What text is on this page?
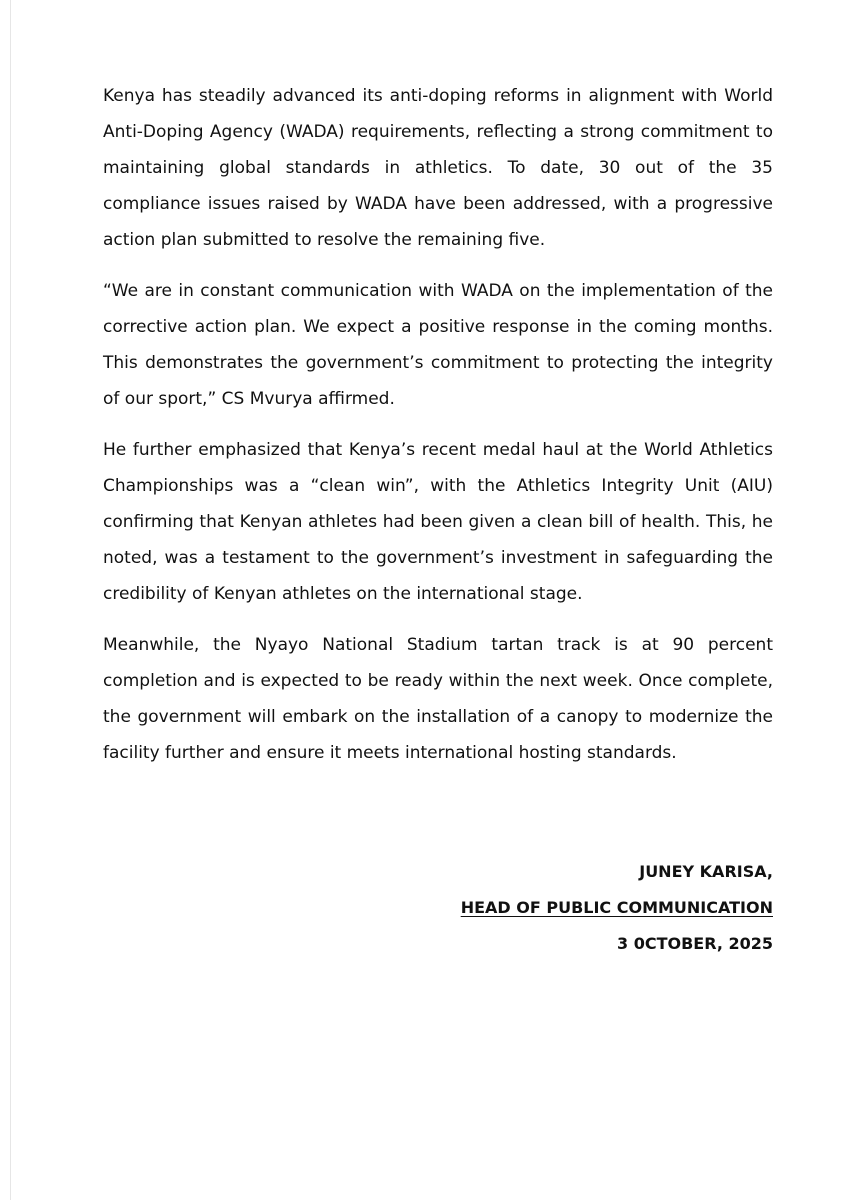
Kenya has steadily advanced its anti-doping reforms in alignment with World Anti-Doping Agency (WADA) requirements, reflecting a strong commitment to maintaining global standards in athletics. To date, 30 out of the 35 compliance issues raised by WADA have been addressed, with a progressive action plan submitted to resolve the remaining five.

“We are in constant communication with WADA on the implementation of the corrective action plan. We expect a positive response in the coming months. This demonstrates the government’s commitment to protecting the integrity of our sport,” CS Mvurya affirmed.

He further emphasized that Kenya’s recent medal haul at the World Athletics Championships was a “clean win”, with the Athletics Integrity Unit (AIU) confirming that Kenyan athletes had been given a clean bill of health. This, he noted, was a testament to the government’s investment in safeguarding the credibility of Kenyan athletes on the international stage.

Meanwhile, the Nyayo National Stadium tartan track is at 90 percent completion and is expected to be ready within the next week. Once complete, the government will embark on the installation of a canopy to modernize the facility further and ensure it meets international hosting standards.

JUNEY KARISA,
HEAD OF PUBLIC COMMUNICATION
3 0CTOBER, 2025
